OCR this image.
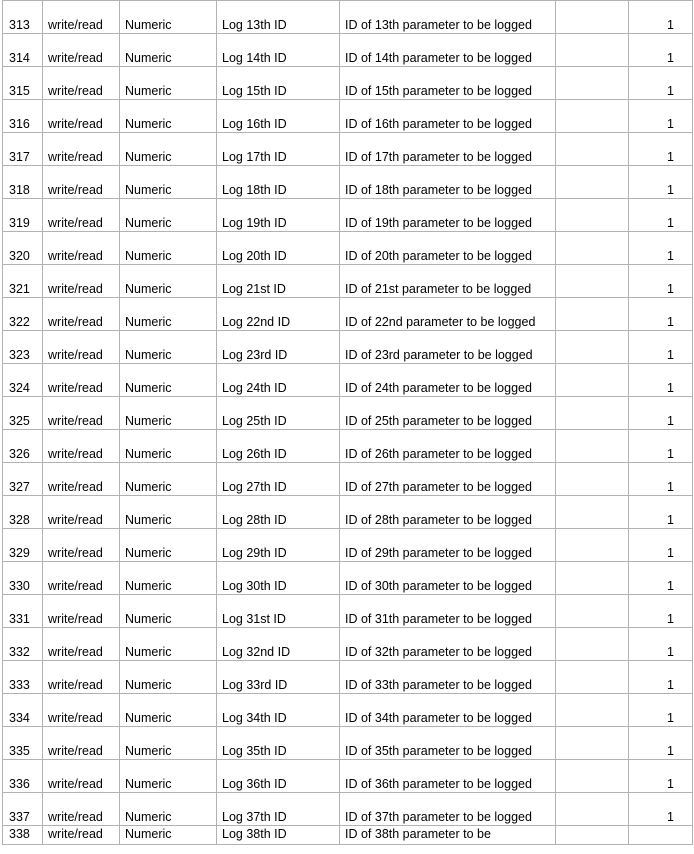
313	write/read	Numeric	Log 13th ID	ID of 13th parameter to be logged		1
314	write/read	Numeric	Log 14th ID	ID of 14th parameter to be logged		1
315	write/read	Numeric	Log 15th ID	ID of 15th parameter to be logged		1
316	write/read	Numeric	Log 16th ID	ID of 16th parameter to be logged		1
317	write/read	Numeric	Log 17th ID	ID of 17th parameter to be logged		1
318	write/read	Numeric	Log 18th ID	ID of 18th parameter to be logged		1
319	write/read	Numeric	Log 19th ID	ID of 19th parameter to be logged		1
320	write/read	Numeric	Log 20th ID	ID of 20th parameter to be logged		1
321	write/read	Numeric	Log 21st ID	ID of 21st parameter to be logged		1
322	write/read	Numeric	Log 22nd ID	ID of 22nd parameter to be logged		1
323	write/read	Numeric	Log 23rd ID	ID of 23rd parameter to be logged		1
324	write/read	Numeric	Log 24th ID	ID of 24th parameter to be logged		1
325	write/read	Numeric	Log 25th ID	ID of 25th parameter to be logged		1
326	write/read	Numeric	Log 26th ID	ID of 26th parameter to be logged		1
327	write/read	Numeric	Log 27th ID	ID of 27th parameter to be logged		1
328	write/read	Numeric	Log 28th ID	ID of 28th parameter to be logged		1
329	write/read	Numeric	Log 29th ID	ID of 29th parameter to be logged		1
330	write/read	Numeric	Log 30th ID	ID of 30th parameter to be logged		1
331	write/read	Numeric	Log 31st ID	ID of 31th parameter to be logged		1
332	write/read	Numeric	Log 32nd ID	ID of 32th parameter to be logged		1
333	write/read	Numeric	Log 33rd ID	ID of 33th parameter to be logged		1
334	write/read	Numeric	Log 34th ID	ID of 34th parameter to be logged		1
335	write/read	Numeric	Log 35th ID	ID of 35th parameter to be logged		1
336	write/read	Numeric	Log 36th ID	ID of 36th parameter to be logged		1
337	write/read	Numeric	Log 37th ID	ID of 37th parameter to be logged		1
338	write/read	Numeric	Log 38th ID	ID of 38th parameter to be		
